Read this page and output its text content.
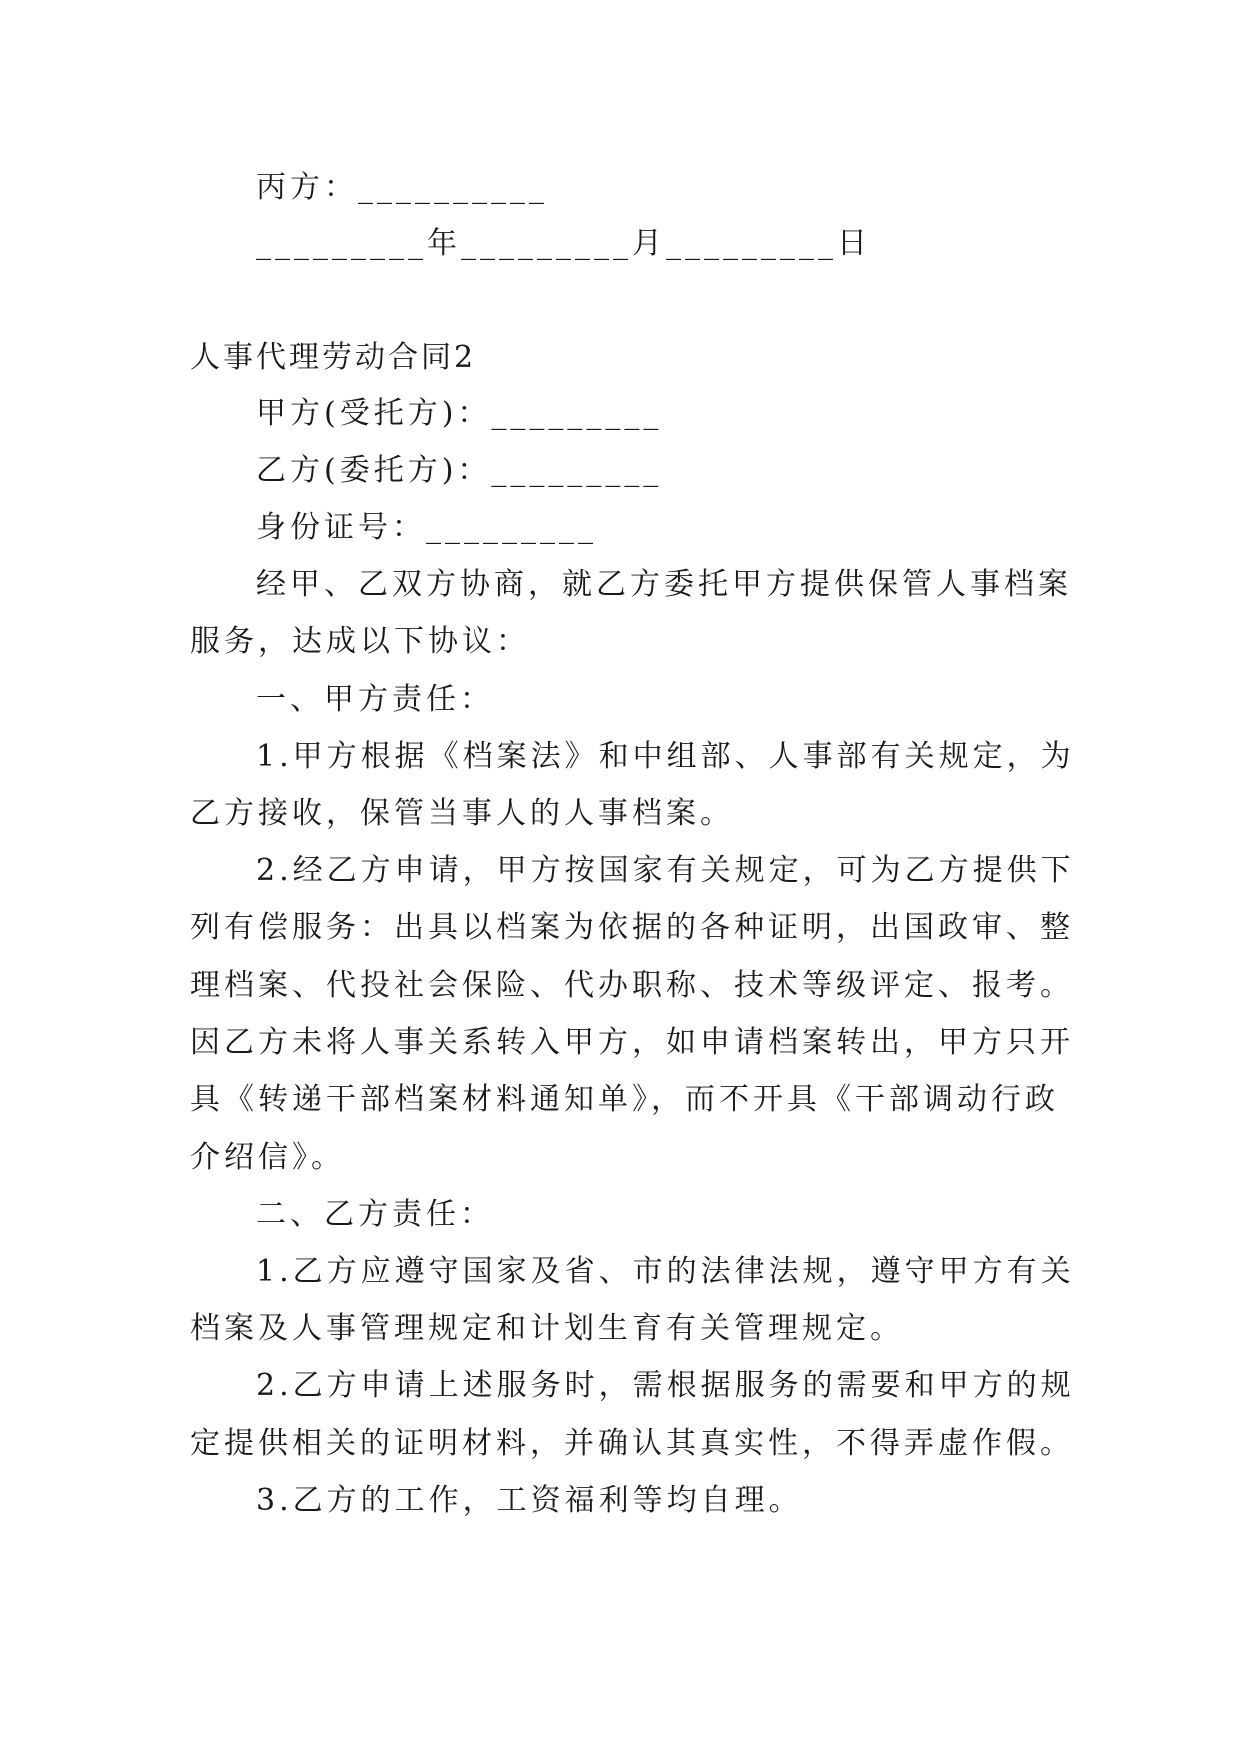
丙方：__________
_________年_________月_________日
人事代理劳动合同2
甲方(受托方)：_________
乙方(委托方)：_________
身份证号：_________
经甲、乙双方协商，就乙方委托甲方提供保管人事档案
服务，达成以下协议：
一、甲方责任：
1.甲方根据《档案法》和中组部、人事部有关规定，为
乙方接收，保管当事人的人事档案。
2.经乙方申请，甲方按国家有关规定，可为乙方提供下
列有偿服务：出具以档案为依据的各种证明，出国政审、整
理档案、代投社会保险、代办职称、技术等级评定、报考。
因乙方未将人事关系转入甲方，如申请档案转出，甲方只开
具《转递干部档案材料通知单》，而不开具《干部调动行政
介绍信》。
二、乙方责任：
1.乙方应遵守国家及省、市的法律法规，遵守甲方有关
档案及人事管理规定和计划生育有关管理规定。
2.乙方申请上述服务时，需根据服务的需要和甲方的规
定提供相关的证明材料，并确认其真实性，不得弄虚作假。
3.乙方的工作，工资福利等均自理。
